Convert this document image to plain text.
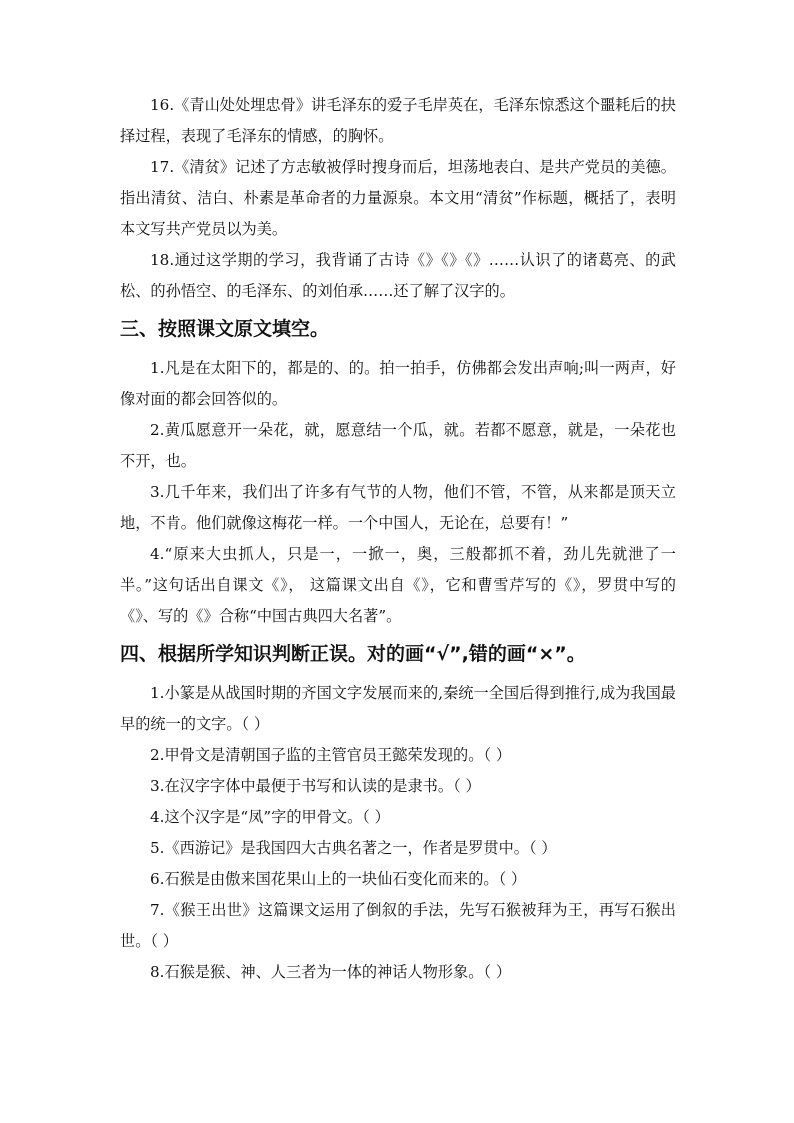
16.《青山处处埋忠骨》讲毛泽东的爱子毛岸英在，毛泽东惊悉这个噩耗后的抉择过程，表现了毛泽东的情感，的胸怀。

17.《清贫》记述了方志敏被俘时搜身而后，坦荡地表白、是共产党员的美德。指出清贫、洁白、朴素是革命者的力量源泉。本文用“清贫”作标题，概括了，表明本文写共产党员以为美。

18.通过这学期的学习，我背诵了古诗《》《》《》……认识了的诸葛亮、的武松、的孙悟空、的毛泽东、的刘伯承……还了解了汉字的。

三、按照课文原文填空。

1.凡是在太阳下的，都是的、的。拍一拍手，仿佛都会发出声响;叫一两声，好像对面的都会回答似的。

2.黄瓜愿意开一朵花，就，愿意结一个瓜，就。若都不愿意，就是，一朵花也不开，也。

3.几千年来，我们出了许多有气节的人物，他们不管，不管，从来都是顶天立地，不肯。他们就像这梅花一样。一个中国人，无论在，总要有！”

4.“原来大虫抓人，只是一，一掀一，奥，三般都抓不着，劲儿先就泄了一半。”这句话出自课文《》， 这篇课文出自《》，它和曹雪芹写的《》，罗贯中写的《》、写的《》合称“中国古典四大名著”。

四、根据所学知识判断正误。对的画“√”,错的画“×”。

1.小篆是从战国时期的齐国文字发展而来的,秦统一全国后得到推行,成为我国最早的统一的文字。（ ）

2.甲骨文是清朝国子监的主管官员王懿荣发现的。（ ）

3.在汉字字体中最便于书写和认读的是隶书。（ ）

4.这个汉字是“凤”字的甲骨文。（ ）

5.《西游记》是我国四大古典名著之一，作者是罗贯中。（ ）

6.石猴是由傲来国花果山上的一块仙石变化而来的。（ ）

7.《猴王出世》这篇课文运用了倒叙的手法，先写石猴被拜为王，再写石猴出世。（ ）

8.石猴是猴、神、人三者为一体的神话人物形象。（ ）
